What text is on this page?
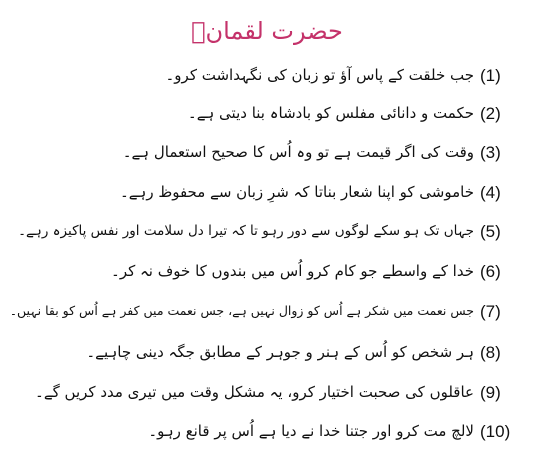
حضرت لقمانؑ
(1)
جب خلقت کے پاس آؤ تو زبان کی نگہداشت کرو۔
(2)
حکمت و دانائی مفلس کو بادشاہ بنا دیتی ہے۔
(3)
وقت کی اگر قیمت ہے تو وہ اُس کا صحیح استعمال ہے۔
(4)
خاموشی کو اپنا شعار بناتا کہ شرِ زبان سے محفوظ رہے۔
(5)
جہاں تک ہو سکے لوگوں سے دور رہو تا کہ تیرا دل سلامت اور نفس پاکیزہ رہے۔
(6)
خدا کے واسطے جو کام کرو اُس میں بندوں کا خوف نہ کر۔
(7)
جس نعمت میں شکر ہے اُس کو زوال نہیں ہے، جس نعمت میں کفر ہے اُس کو بقا نہیں۔
(8)
ہر شخص کو اُس کے ہنر و جوہر کے مطابق جگہ دینی چاہیے۔
(9)
عاقلوں کی صحبت اختیار کرو، یہ مشکل وقت میں تیری مدد کریں گے۔
(10)
لالچ مت کرو اور جتنا خدا نے دیا ہے اُس پر قانع رہو۔
